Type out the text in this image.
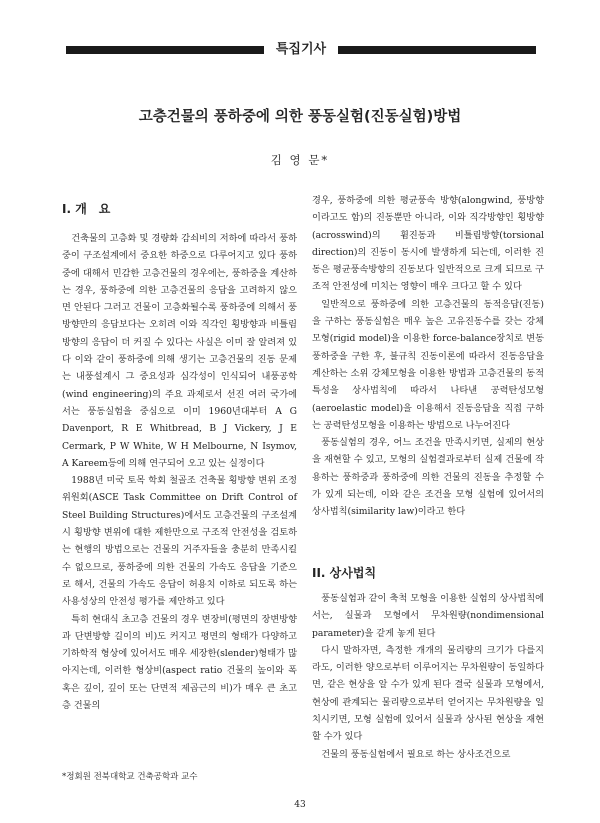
특집기사
고층건물의 풍하중에 의한 풍동실험(진동실험)방법
김 영 문*
I. 개　요

건축물의 고층화 및 경량화 감쇠비의 저하에 따라서 풍하중이 구조설계에서 중요한 하중으로 다루어지고 있다 풍하중에 대해서 민감한 고층건물의 경우에는, 풍하중을 계산하는 경우, 풍하중에 의한 고층건물의 응답을 고려하지 않으면 안된다 그러고 건물이 고층화될수록 풍하중에 의해서 풍방향만의 응답보다는 오히려 이와 직각인 횡방향과 비틀림 방향의 응답이 더 커질 수 있다는 사실은 이미 잘 알려져 있다 이와 같이 풍하중에 의해 생기는 고층건물의 진동 문제는 내풍설계시 그 중요성과 심각성이 인식되어 내풍공학(wind engineering)의 주요 과제로서 선진 여러 국가에서는 풍동실험을 중심으로 이미 1960년대부터 A G Davenport, R E Whitbread, B J Vickery, J E Cermark, P W White, W H Melbourne, N Isymov, A Kareem등에 의해 연구되어 오고 있는 실정이다

1988년 미국 토목 학회 철골조 건축물 횡방향 변위 조정 위원회(ASCE Task Committee on Drift Control of Steel Building Structures)에서도 고층건물의 구조설계시 횡방향 변위에 대한 제한만으로 구조적 안전성을 검토하는 현행의 방법으로는 건물의 거주자들을 충분히 만족시킬 수 없으므로, 풍하중에 의한 건물의 가속도 응답을 기준으로 해서, 건물의 가속도 응답이 허용치 이하로 되도록 하는 사용성상의 안전성 평가를 제안하고 있다

특히 현대식 초고층 건물의 경우 변장비(평면의 장변방향과 단변방향 길이의 비)도 커지고 평면의 형태가 다양하고 기하학적 형상에 있어서도 매우 세장한(slender)형태가 많아지는데, 이러한 형상비(aspect ratio 건물의 높이와 폭 혹은 깊이, 깊이 또는 단면적 제곱근의 비)가 매우 큰 초고층 건물의

경우, 풍하중에 의한 평균풍속 방향(alongwind, 풍방향이라고도 함)의 진동뿐만 아니라, 이와 직각방향인 횡방향(acrosswind)의 휨진동과 비틀림방향(torsional direction)의 진동이 동시에 발생하게 되는데, 이러한 진동은 평균풍속방향의 진동보다 일반적으로 크게 되므로 구조적 안전성에 미치는 영향이 매우 크다고 할 수 있다

일반적으로 풍하중에 의한 고층건물의 동적응답(진동)을 구하는 풍동실험은 매우 높은 고유진동수를 갖는 강체모형(rigid model)을 이용한 force-balance장치로 변동풍하중을 구한 후, 불규칙 진동이론에 따라서 진동응답을 계산하는 소위 강체모형을 이용한 방법과 고층건물의 동적특성을 상사법칙에 따라서 나타낸 공력탄성모형(aeroelastic model)을 이용해서 진동응답을 직접 구하는 공력탄성모형을 이용하는 방법으로 나누어진다

풍동실험의 경우, 어느 조건을 만족시키면, 실제의 현상을 재현할 수 있고, 모형의 실험결과로부터 실제 건물에 작용하는 풍하중과 풍하중에 의한 건물의 진동을 추정할 수가 있게 되는데, 이와 같은 조건을 모형 실험에 있어서의 상사법칙(similarity law)이라고 한다

II. 상사법칙

풍동실험과 같이 축척 모형을 이용한 실험의 상사법칙에서는, 실물과 모형에서 무차원량(nondimensional parameter)을 같게 놓게 된다

다시 말하자면, 측정한 개개의 물리량의 크기가 다를지라도, 이러한 양으로부터 이루어지는 무차원량이 동일하다면, 같은 현상을 알 수가 있게 된다 결국 실물과 모형에서, 현상에 관계되는 물리량으로부터 얻어지는 무차원량을 일치시키면, 모형 실험에 있어서 실물과 상사된 현상을 재현할 수가 있다

건물의 풍동실험에서 필요로 하는 상사조건으로

*정회원 전북대학교 건축공학과 교수
43
